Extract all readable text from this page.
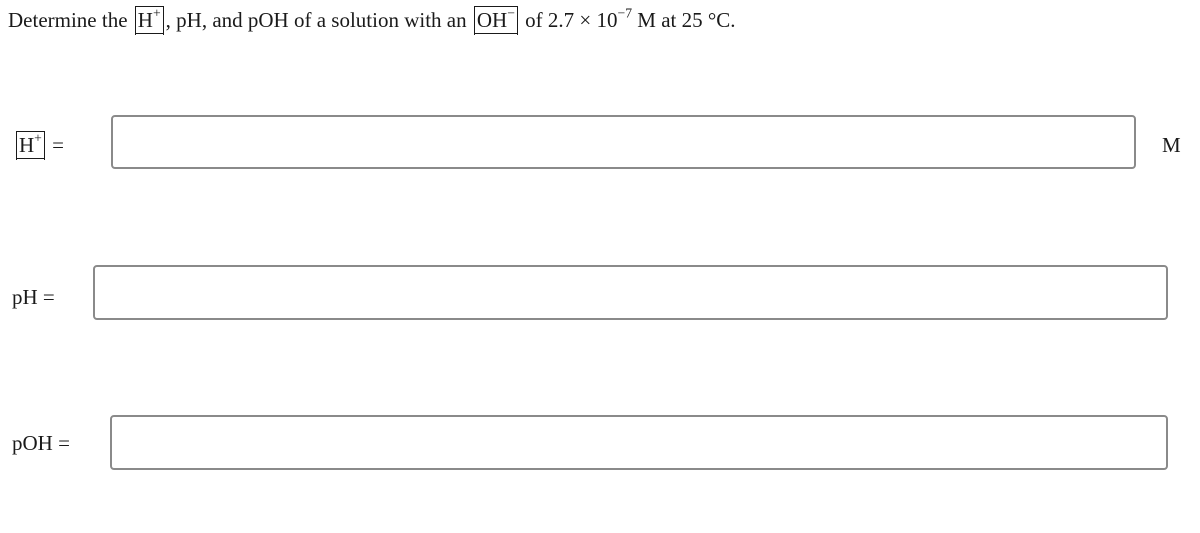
Determine the H+ , pH, and pOH of a solution with an OH− of $2.7 \times 10^{-7}$ M at 25 °C.
H+ =	M
pH =
pOH =
